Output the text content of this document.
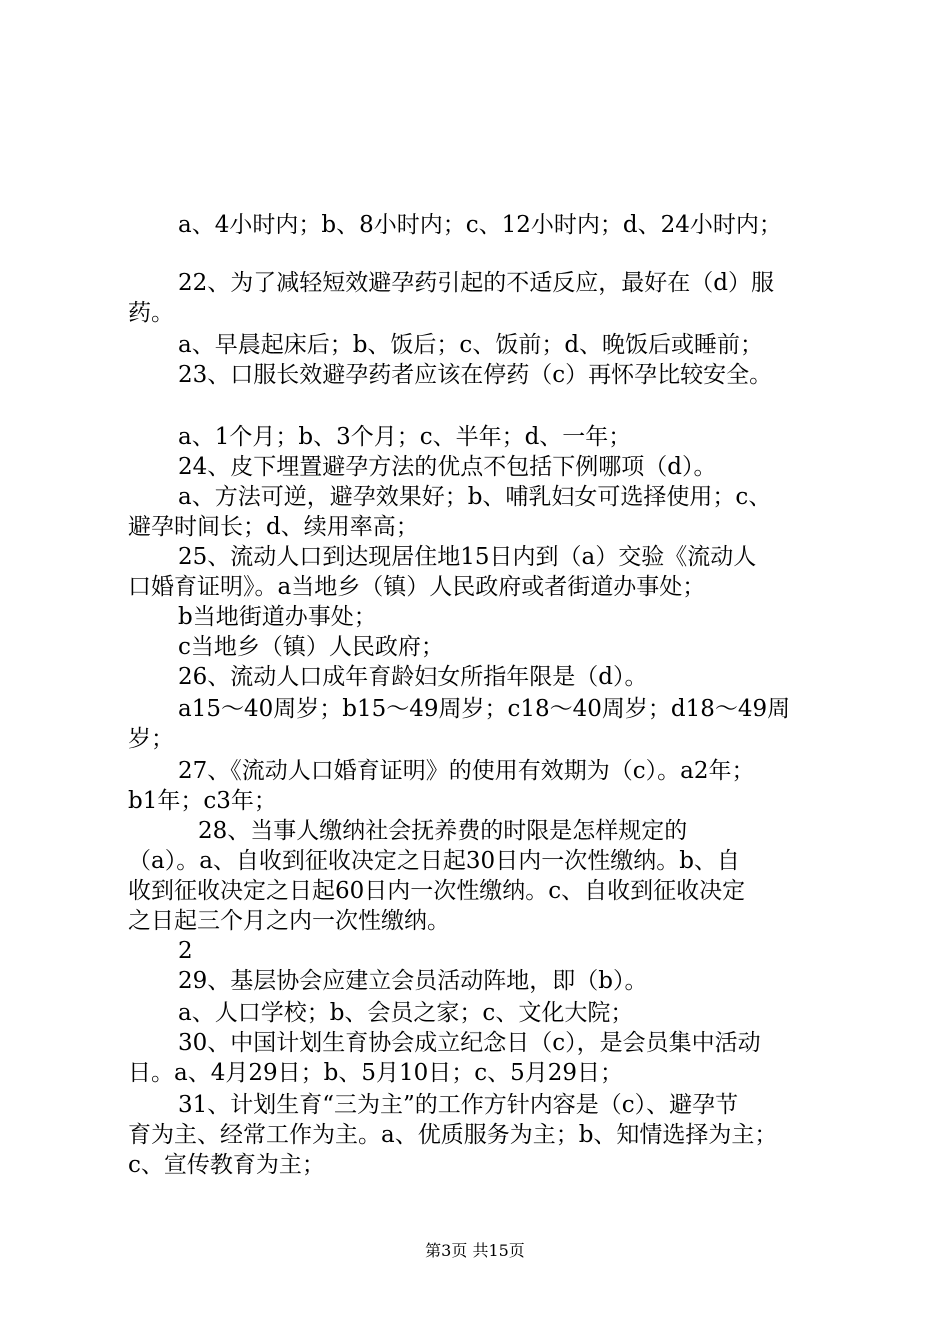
a、4小时内；b、8小时内；c、12小时内；d、24小时内；

22、为了减轻短效避孕药引起的不适反应，最好在（d）服

药。

a、早晨起床后；b、饭后；c、饭前；d、晚饭后或睡前；

23、口服长效避孕药者应该在停药（c）再怀孕比较安全。

a、1个月；b、3个月；c、半年；d、一年；

24、皮下埋置避孕方法的优点不包括下例哪项（d）。

a、方法可逆，避孕效果好；b、哺乳妇女可选择使用；c、

避孕时间长；d、续用率高；

25、流动人口到达现居住地15日内到（a）交验《流动人

口婚育证明》。a当地乡（镇）人民政府或者街道办事处；

b当地街道办事处；

c当地乡（镇）人民政府；

26、流动人口成年育龄妇女所指年限是（d）。

a15～40周岁；b15～49周岁；c18～40周岁；d18～49周

岁；

27、《流动人口婚育证明》的使用有效期为（c）。a2年；

b1年；c3年；

28、当事人缴纳社会抚养费的时限是怎样规定的

（a）。a、自收到征收决定之日起30日内一次性缴纳。b、自

收到征收决定之日起60日内一次性缴纳。c、自收到征收决定

之日起三个月之内一次性缴纳。

2

29、基层协会应建立会员活动阵地，即（b）。

a、人口学校；b、会员之家；c、文化大院；

30、中国计划生育协会成立纪念日（c），是会员集中活动

日。a、4月29日；b、5月10日；c、5月29日；

31、计划生育“三为主”的工作方针内容是（c）、避孕节

育为主、经常工作为主。a、优质服务为主；b、知情选择为主；

c、宣传教育为主；

第3页 共15页
